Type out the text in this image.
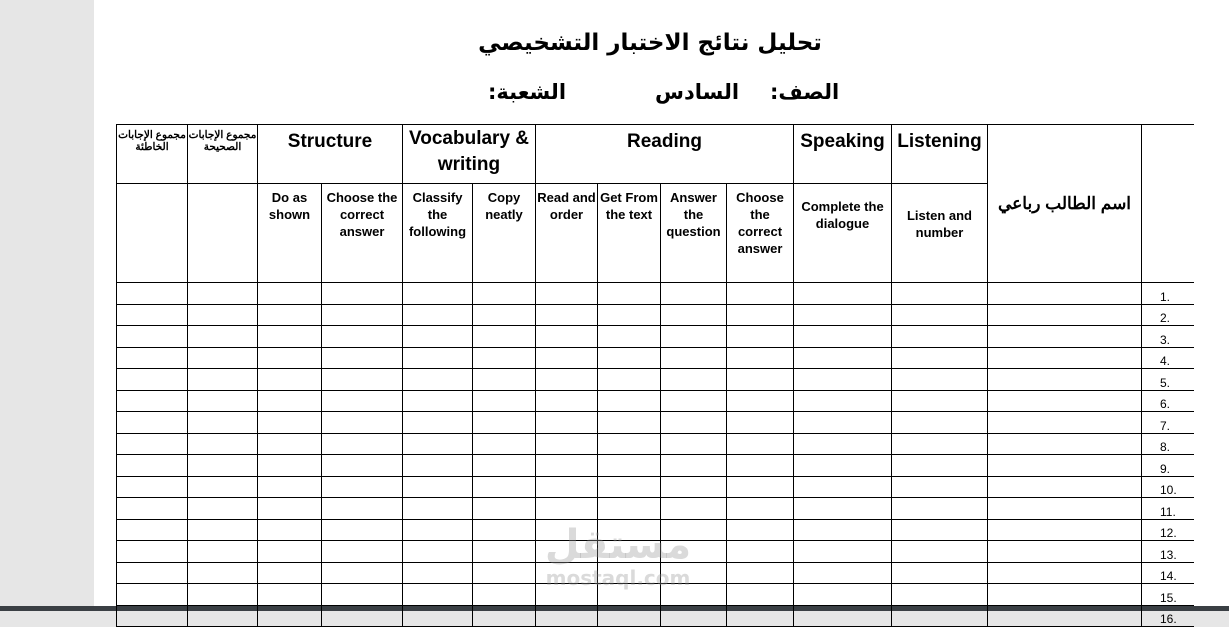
تحليل نتائج الاختبار التشخيصي
الصف:
السادس
الشعبة:
مجموع الإجابات الخاطئة	مجموع الإجابات الصحيحة	Structure		Vocabulary & writing		Reading				Speaking	Listening	اسم الطالب رباعي	
		Do as shown	Choose the correct answer	Classify the following	Copy neatly	Read and order	Get From the text	Answer the question	Choose the correct answer	Complete the dialogue	Listen and number		
													1.
													2.
													3.
													4.
													5.
													6.
													7.
													8.
													9.
													10.
													11.
													12.
													13.
													14.
													15.
													16.
مستقل
mostaql.com
